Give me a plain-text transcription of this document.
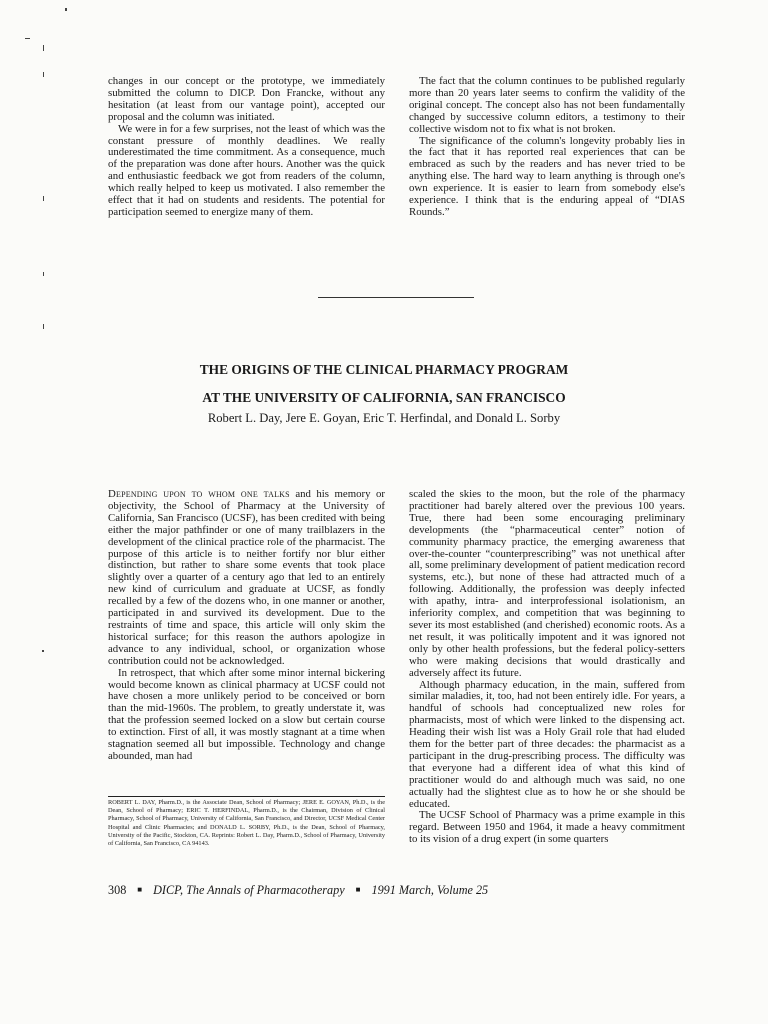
changes in our concept or the prototype, we immediately submitted the column to DICP. Don Francke, without any hesitation (at least from our vantage point), accepted our proposal and the column was initiated.

We were in for a few surprises, not the least of which was the constant pressure of monthly deadlines. We really underestimated the time commitment. As a consequence, much of the preparation was done after hours. Another was the quick and enthusiastic feedback we got from readers of the column, which really helped to keep us motivated. I also remember the effect that it had on students and residents. The potential for participation seemed to energize many of them.

The fact that the column continues to be published regularly more than 20 years later seems to confirm the validity of the original concept. The concept also has not been fundamentally changed by successive column editors, a testimony to their collective wisdom not to fix what is not broken.

The significance of the column's longevity probably lies in the fact that it has reported real experiences that can be embraced as such by the readers and has never tried to be anything else. The hard way to learn anything is through one's own experience. It is easier to learn from somebody else's experience. I think that is the enduring appeal of “DIAS Rounds.”

THE ORIGINS OF THE CLINICAL PHARMACY PROGRAM
AT THE UNIVERSITY OF CALIFORNIA, SAN FRANCISCO

Robert L. Day, Jere E. Goyan, Eric T. Herfindal, and Donald L. Sorby

Depending upon to whom one talks and his memory or objectivity, the School of Pharmacy at the University of California, San Francisco (UCSF), has been credited with being either the major pathfinder or one of many trailblazers in the development of the clinical practice role of the pharmacist. The purpose of this article is to neither fortify nor blur either distinction, but rather to share some events that took place slightly over a quarter of a century ago that led to an entirely new kind of curriculum and graduate at UCSF, as fondly recalled by a few of the dozens who, in one manner or another, participated in and survived its development. Due to the restraints of time and space, this article will only skim the historical surface; for this reason the authors apologize in advance to any individual, school, or organization whose contribution could not be acknowledged.

In retrospect, that which after some minor internal bickering would become known as clinical pharmacy at UCSF could not have chosen a more unlikely period to be conceived or born than the mid-1960s. The problem, to greatly understate it, was that the profession seemed locked on a slow but certain course to extinction. First of all, it was mostly stagnant at a time when stagnation seemed all but impossible. Technology and change abounded, man had

ROBERT L. DAY, Pharm.D., is the Associate Dean, School of Pharmacy; JERE E. GOYAN, Ph.D., is the Dean, School of Pharmacy; ERIC T. HERFINDAL, Pharm.D., is the Chairman, Division of Clinical Pharmacy, School of Pharmacy, University of California, San Francisco, and Director, UCSF Medical Center Hospital and Clinic Pharmacies; and DONALD L. SORBY, Ph.D., is the Dean, School of Pharmacy, University of the Pacific, Stockton, CA. Reprints: Robert L. Day, Pharm.D., School of Pharmacy, University of California, San Francisco, CA 94143.

scaled the skies to the moon, but the role of the pharmacy practitioner had barely altered over the previous 100 years. True, there had been some encouraging preliminary developments (the “pharmaceutical center” notion of community pharmacy practice, the emerging awareness that over-the-counter “counterprescribing” was not unethical after all, some preliminary development of patient medication record systems, etc.), but none of these had attracted much of a following. Additionally, the profession was deeply infected with apathy, intra- and interprofessional isolationism, an inferiority complex, and competition that was beginning to sever its most established (and cherished) economic roots. As a net result, it was politically impotent and it was ignored not only by other health professions, but the federal policy-setters who were making decisions that would drastically and adversely affect its future.

Although pharmacy education, in the main, suffered from similar maladies, it, too, had not been entirely idle. For years, a handful of schools had conceptualized new roles for pharmacists, most of which were linked to the dispensing act. Heading their wish list was a Holy Grail role that had eluded them for the better part of three decades: the pharmacist as a participant in the drug-prescribing process. The difficulty was that everyone had a different idea of what this kind of practitioner would do and although much was said, no one actually had the slightest clue as to how he or she should be educated.

The UCSF School of Pharmacy was a prime example in this regard. Between 1950 and 1964, it made a heavy commitment to its vision of a drug expert (in some quarters

308 ■ DICP, The Annals of Pharmacotherapy ■ 1991 March, Volume 25
